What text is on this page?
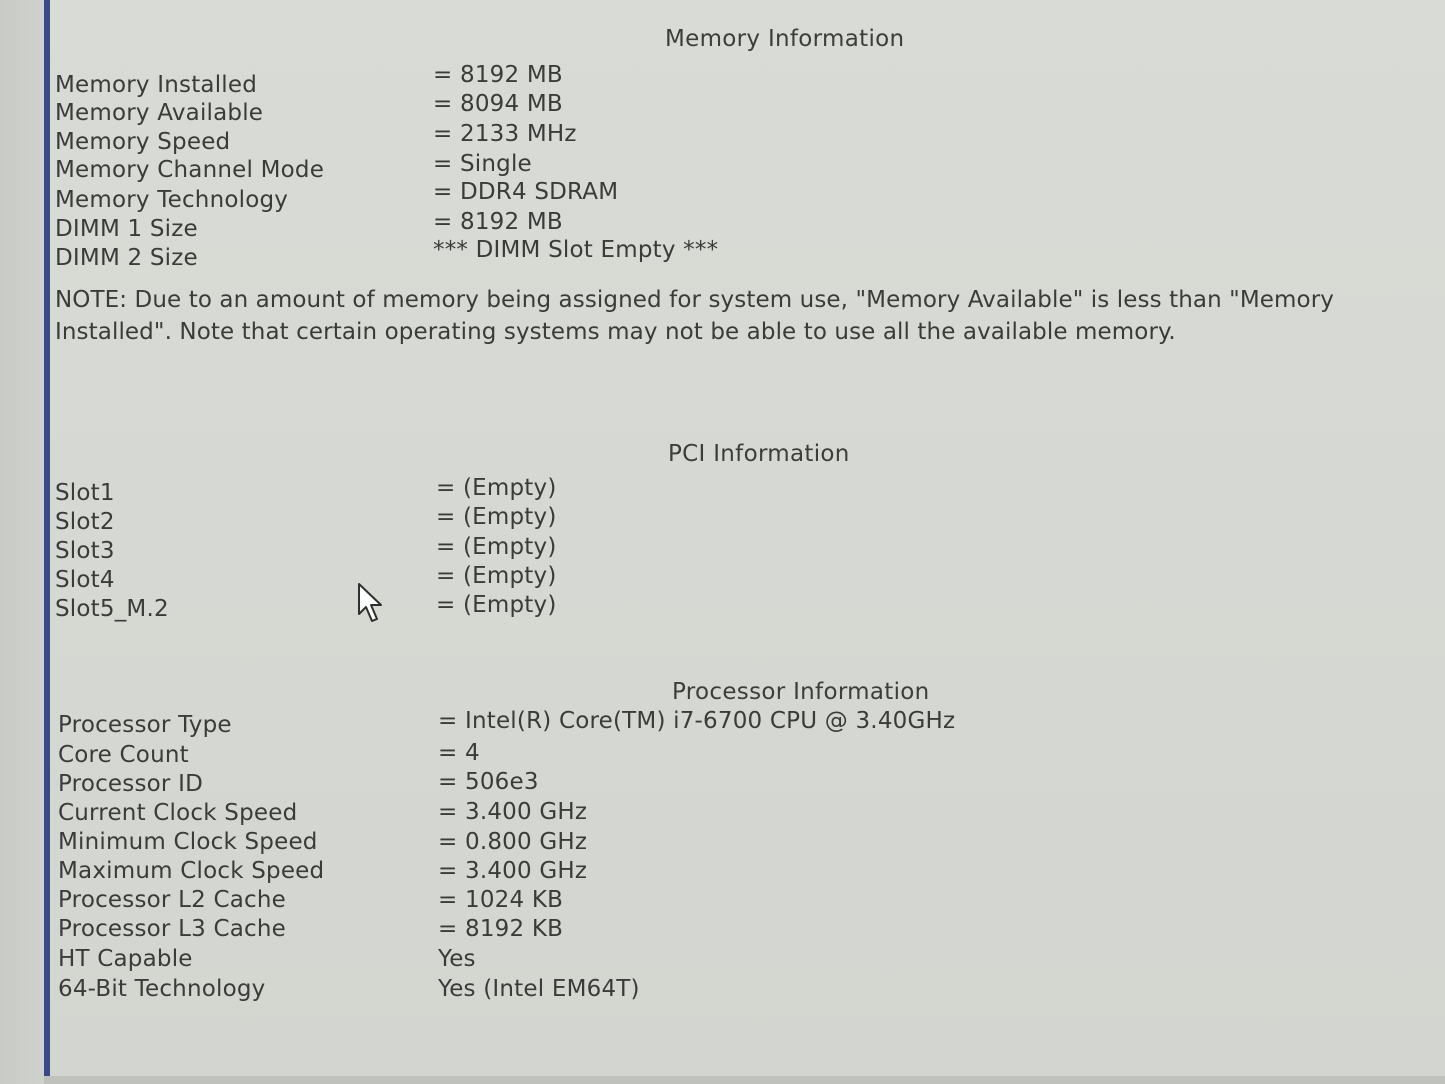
Memory Information
Memory Installed	= 8192 MB
Memory Available	= 8094 MB
Memory Speed	= 2133 MHz
Memory Channel Mode	= Single
Memory Technology	= DDR4 SDRAM
DIMM 1 Size	= 8192 MB
DIMM 2 Size	*** DIMM Slot Empty ***
NOTE: Due to an amount of memory being assigned for system use, "Memory Available" is less than "Memory Installed". Note that certain operating systems may not be able to use all the available memory.
PCI Information
Slot1	= (Empty)
Slot2	= (Empty)
Slot3	= (Empty)
Slot4	= (Empty)
Slot5_M.2	= (Empty)
Processor Information
Processor Type	= Intel(R) Core(TM) i7-6700 CPU @ 3.40GHz
Core Count	= 4
Processor ID	= 506e3
Current Clock Speed	= 3.400 GHz
Minimum Clock Speed	= 0.800 GHz
Maximum Clock Speed	= 3.400 GHz
Processor L2 Cache	= 1024 KB
Processor L3 Cache	= 8192 KB
HT Capable	Yes
64-Bit Technology	Yes (Intel EM64T)
